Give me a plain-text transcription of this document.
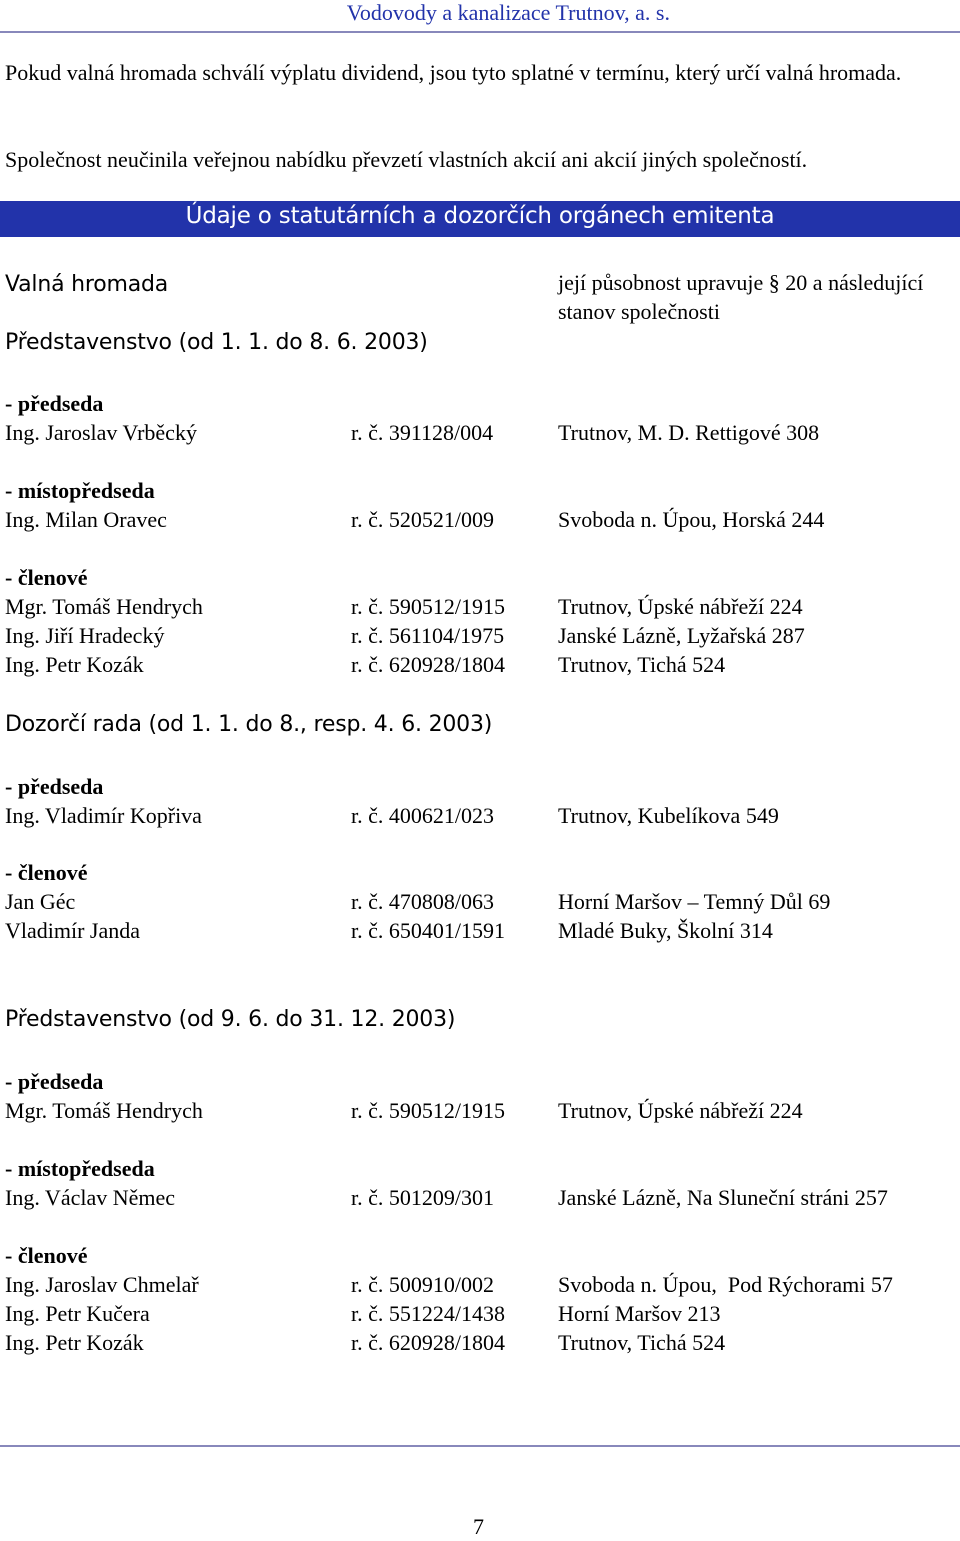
Vodovody a kanalizace Trutnov, a. s.
Pokud valná hromada schválí výplatu dividend, jsou tyto splatné v termínu, který určí valná hromada.
Společnost neučinila veřejnou nabídku převzetí vlastních akcií ani akcií jiných společností.
Údaje o statutárních a dozorčích orgánech emitenta
Valná hromada	její působnost upravuje § 20 a následující stanov společnosti
Představenstvo (od 1. 1. do 8. 6. 2003)
- předseda
Ing. Jaroslav Vrběcký	r. č. 391128/004	Trutnov, M. D. Rettigové 308
- místopředseda
Ing. Milan Oravec	r. č. 520521/009	Svoboda n. Úpou, Horská 244
- členové
Mgr. Tomáš Hendrych	r. č. 590512/1915 Trutnov, Úpské nábřeží 224
Ing. Jiří Hradecký	r. č. 561104/1975 Janské Lázně, Lyžařská 287
Ing. Petr Kozák	r. č. 620928/1804 Trutnov, Tichá 524
Dozorčí rada (od 1. 1. do 8., resp. 4. 6. 2003)
- předseda
Ing. Vladimír Kopřiva	r. č. 400621/023	Trutnov, Kubelíkova 549
- členové
Jan Géc	r. č. 470808/063	Horní Maršov – Temný Důl 69
Vladimír Janda	r. č. 650401/1591 Mladé Buky, Školní 314
Představenstvo (od 9. 6. do 31. 12. 2003)
- předseda
Mgr. Tomáš Hendrych	r. č. 590512/1915 Trutnov, Úpské nábřeží 224
- místopředseda
Ing. Václav Němec	r. č. 501209/301	Janské Lázně, Na Sluneční stráni 257
- členové
Ing. Jaroslav Chmelař	r. č. 500910/002	Svoboda n. Úpou,  Pod Rýchorami 57
Ing. Petr Kučera	r. č. 551224/1438 Horní Maršov 213
Ing. Petr Kozák	r. č. 620928/1804 Trutnov, Tichá 524
7
